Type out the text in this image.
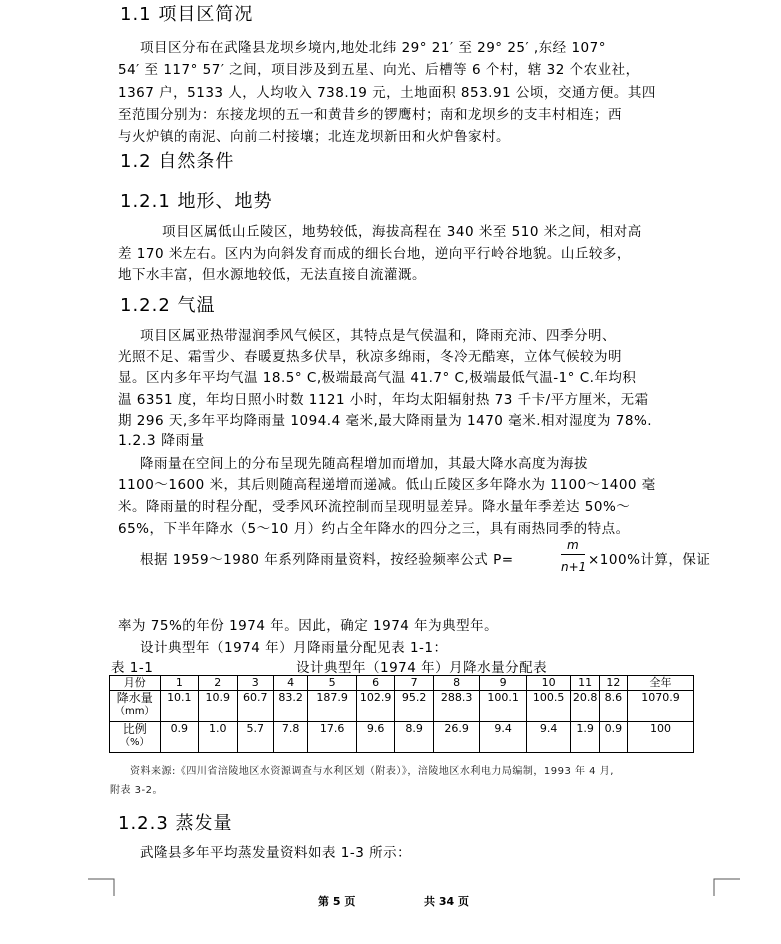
1.1 项目区简况
项目区分布在武隆县龙坝乡境内,地处北纬 29° 21′ 至 29° 25′ ,东经 107°
54′ 至 117° 57′ 之间，项目涉及到五星、向光、后槽等 6 个村，辖 32 个农业社，
1367 户，5133 人，人均收入 738.19 元，土地面积 853.91 公顷，交通方便。其四
至范围分别为：东接龙坝的五一和黄昔乡的锣鹰村；南和龙坝乡的支丰村相连；西
与火炉镇的南泥、向前二村接壤；北连龙坝新田和火炉鲁家村。
1.2 自然条件
1.2.1 地形、地势
项目区属低山丘陵区，地势较低，海拔高程在 340 米至 510 米之间，相对高
差 170 米左右。区内为向斜发育而成的细长台地，逆向平行岭谷地貌。山丘较多，
地下水丰富，但水源地较低，无法直接自流灌溉。
1.2.2 气温
项目区属亚热带湿润季风气候区，其特点是气侯温和，降雨充沛、四季分明、
光照不足、霜雪少、春暖夏热多伏旱，秋凉多绵雨，冬冷无酷寒，立体气候较为明
显。区内多年平均气温 18.5° C,极端最高气温 41.7° C,极端最低气温-1° C.年均积
温 6351 度，年均日照小时数 1121 小时，年均太阳辐射热 73 千卡/平方厘米，无霜
期 296 天,多年平均降雨量 1094.4 毫米,最大降雨量为 1470 毫米.相对湿度为 78%.
1.2.3 降雨量
降雨量在空间上的分布呈现先随高程增加而增加，其最大降水高度为海拔
1100～1600 米，其后则随高程递增而递减。低山丘陵区多年降水为 1100～1400 毫
米。降雨量的时程分配，受季风环流控制而呈现明显差异。降水量年季差达 50%～
65%，下半年降水（5～10 月）约占全年降水的四分之三，具有雨热同季的特点。
根据 1959～1980 年系列降雨量资料，按经验频率公式 P=
m
n+1 ×100%计算，保证
率为 75%的年份 1974 年。因此，确定 1974 年为典型年。
设计典型年（1974 年）月降雨量分配见表 1-1：
表 1-1	设计典型年（1974 年）月降水量分配表
月份	1	2	3	4	5	6	7	8	9	10	11	12	全年

降水量
（mm）	10.1	10.9	60.7	83.2	187.9	102.9	95.2	288.3	100.1	100.5	20.8	8.6	1070.9

比例
（%）	0.9	1.0	5.7	7.8	17.6	9.6	8.9	26.9	9.4	9.4	1.9	0.9	100
资料来源:《四川省涪陵地区水资源调查与水利区划（附表）》，涪陵地区水利电力局编制，1993 年 4 月,
附表 3-2。
1.2.3 蒸发量
武隆县多年平均蒸发量资料如表 1-3 所示：
第 5 页	共 34 页
